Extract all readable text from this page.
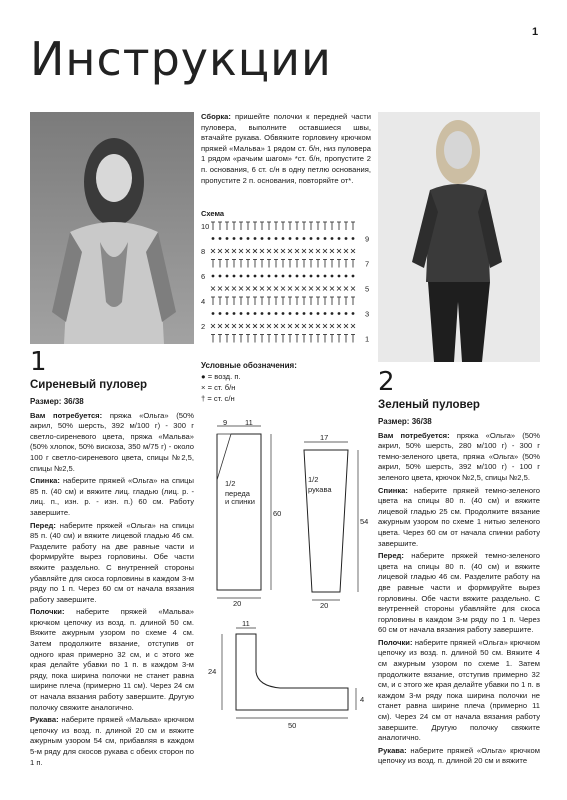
1
Инструкции

Сборка: пришейте полочки к передней части пуловера, выполните оставшиеся швы, втачайте рукава. Обвяжите горловину крючком пряжей «Мальва» 1 рядом ст. б/н, низ пуловера 1 рядом «рачьим шагом» *ст. б/н, пропустите 2 п. основания, 6 ст. с/н в одну петлю основания, пропустите 2 п. основания, повторяйте от*.

Схема
10
9
8
7
6
5
4
3
2
1
Условные обозначения:
● = возд. п.
× = ст. б/н
† = ст. с/н
9 11
60
20
1/2
переда
и спинки
17
54
20
1/2
рукава
11
24
4
50
1
Сиреневый пуловер
Размер: 36/38

Вам потребуется: пряжа «Ольга» (50% акрил, 50% шерсть, 392 м/100 г) - 300 г светло-сиреневого цвета, пряжа «Мальва» (50% хлопок, 50% вискоза, 350 м/75 г) - около 100 г светло-сиреневого цвета, спицы №2,5, спицы №2,5.

Спинка: наберите пряжей «Ольга» на спицы 85 п. (40 см) и вяжите лиц. гладью (лиц. р. - лиц. п., изн. р. - изн. п.) 60 см. Работу завершите.

Перед: наберите пряжей «Ольга» на спицы 85 п. (40 см) и вяжите лицевой гладью 46 см. Разделите работу на две равные части и формируйте вырез горловины. Обе части вяжите раздельно. С внутренней стороны убавляйте для скоса горловины в каждом 3-м ряду по 1 п. Через 60 см от начала вязания работу завершите.

Полочки: наберите пряжей «Мальва» крючком цепочку из возд. п. длиной 50 см. Вяжите ажурным узором по схеме 4 см. Затем продолжите вязание, отступив от одного края примерно 32 см, и с этого же края делайте убавки по 1 п. в каждом 3-м ряду, пока ширина полочки не станет равна ширине плеча (примерно 11 см). Через 24 см от начала вязания работу завершите. Другую полочку свяжите аналогично.

Рукава: наберите пряжей «Мальва» крючком цепочку из возд. п. длиной 20 см и вяжите ажурным узором 54 см, прибавляя в каждом 5-м ряду для скосов рукава с обеих сторон по 1 п.

2
Зеленый пуловер
Размер: 36/38

Вам потребуется: пряжа «Ольга» (50% акрил, 50% шерсть, 280 м/100 г) - 300 г темно-зеленого цвета, пряжа «Ольга» (50% акрил, 50% шерсть, 392 м/100 г) - 100 г зеленого цвета, крючок №2,5, спицы №2,5.

Спинка: наберите пряжей темно-зеленого цвета на спицы 80 п. (40 см) и вяжите лицевой гладью 25 см. Продолжите вязание ажурным узором по схеме 1 нитью зеленого цвета. Через 60 см от начала спинки работу завершите.

Перед: наберите пряжей темно-зеленого цвета на спицы 80 п. (40 см) и вяжите лицевой гладью 46 см. Разделите работу на две равные части и формируйте вырез горловины. Обе части вяжите раздельно. С внутренней стороны убавляйте для скоса горловины в каждом 3-м ряду по 1 п. Через 60 см от начала вязания работу завершите.

Полочки: наберите пряжей «Ольга» крючком цепочку из возд. п. длиной 50 см. Вяжите 4 см ажурным узором по схеме 1. Затем продолжите вязание, отступив примерно 32 см, и с этого же края делайте убавки по 1 п. в каждом 3-м ряду пока ширина полочки не станет равна ширине плеча (примерно 11 см). Через 24 см от начала вязания работу завершите. Другую полочку свяжите аналогично.

Рукава: наберите пряжей «Ольга» крючком цепочку из возд. п. длиной 20 см и вяжите
